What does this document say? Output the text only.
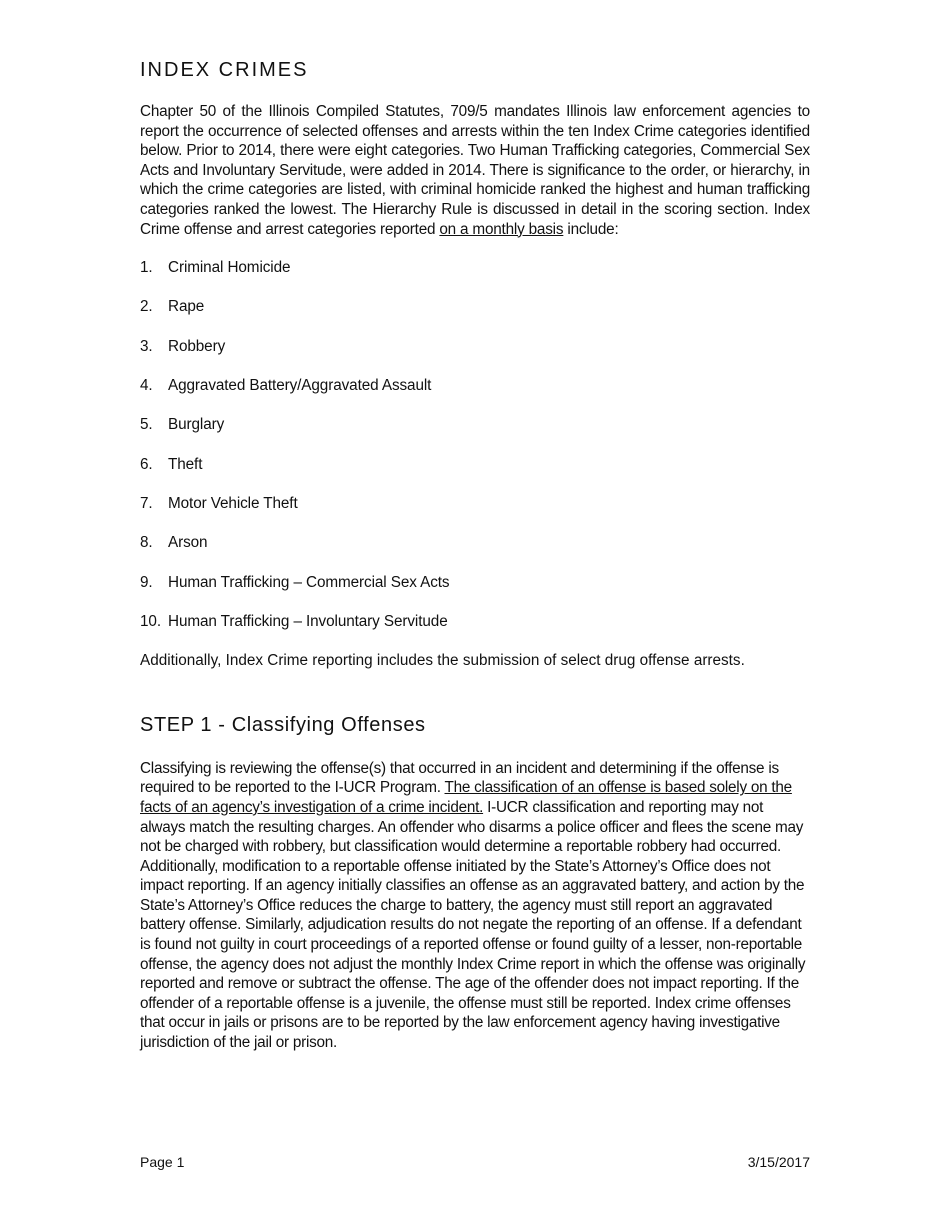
INDEX CRIMES

Chapter 50 of the Illinois Compiled Statutes, 709/5 mandates Illinois law enforcement agencies to report the occurrence of selected offenses and arrests within the ten Index Crime categories identified below. Prior to 2014, there were eight categories. Two Human Trafficking categories, Commercial Sex Acts and Involuntary Servitude, were added in 2014. There is significance to the order, or hierarchy, in which the crime categories are listed, with criminal homicide ranked the highest and human trafficking categories ranked the lowest. The Hierarchy Rule is discussed in detail in the scoring section. Index Crime offense and arrest categories reported on a monthly basis include:

1.	Criminal Homicide
2.	Rape
3.	Robbery
4.	Aggravated Battery/Aggravated Assault
5.	Burglary
6.	Theft
7.	Motor Vehicle Theft
8.	Arson
9.	Human Trafficking – Commercial Sex Acts
10. Human Trafficking – Involuntary Servitude

Additionally, Index Crime reporting includes the submission of select drug offense arrests.

STEP 1 - Classifying Offenses

Classifying is reviewing the offense(s) that occurred in an incident and determining if the offense is required to be reported to the I-UCR Program. The classification of an offense is based solely on the facts of an agency’s investigation of a crime incident. I-UCR classification and reporting may not always match the resulting charges. An offender who disarms a police officer and flees the scene may not be charged with robbery, but classification would determine a reportable robbery had occurred. Additionally, modification to a reportable offense initiated by the State’s Attorney’s Office does not impact reporting. If an agency initially classifies an offense as an aggravated battery, and action by the State’s Attorney’s Office reduces the charge to battery, the agency must still report an aggravated battery offense. Similarly, adjudication results do not negate the reporting of an offense. If a defendant is found not guilty in court proceedings of a reported offense or found guilty of a lesser, non-reportable offense, the agency does not adjust the monthly Index Crime report in which the offense was originally reported and remove or subtract the offense. The age of the offender does not impact reporting. If the offender of a reportable offense is a juvenile, the offense must still be reported. Index crime offenses that occur in jails or prisons are to be reported by the law enforcement agency having investigative jurisdiction of the jail or prison.

Page 1	3/15/2017
